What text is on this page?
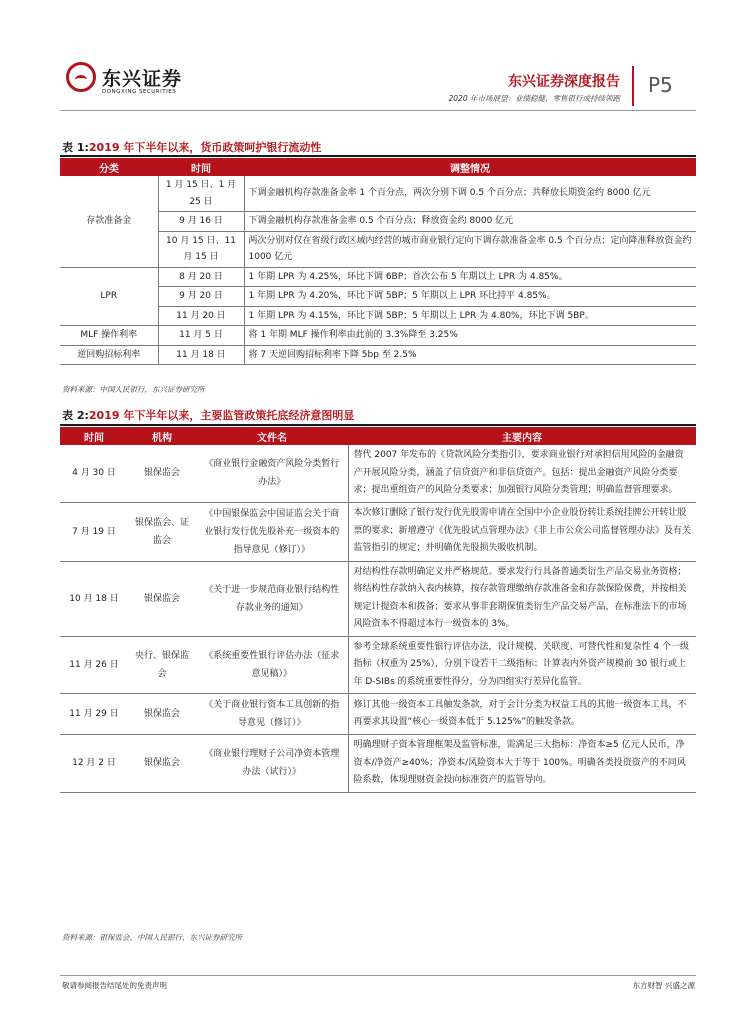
东兴证券
DONGXING SECURITIES
东兴证券深度报告
2020 年市场展望：业绩稳健，零售银行成持续领跑
P5
表 1:2019 年下半年以来，货币政策呵护银行流动性
分类	时间	调整情况
存款准备金	1 月 15 日、1 月 25 日	下调金融机构存款准备金率 1 个百分点，两次分别下调 0.5 个百分点；共释放长期资金约 8000 亿元
	9 月 16 日	下调金融机构存款准备金率 0.5 个百分点；释放资金约 8000 亿元
	10 月 15 日、11 月 15 日	两次分别对仅在省级行政区域内经营的城市商业银行定向下调存款准备金率 0.5 个百分点；定向降准释放资金约 1000 亿元
LPR	8 月 20 日	1 年期 LPR 为 4.25%，环比下调 6BP；首次公布 5 年期以上 LPR 为 4.85%。
	9 月 20 日	1 年期 LPR 为 4.20%，环比下调 5BP；5 年期以上 LPR 环比持平 4.85%。
	11 月 20 日	1 年期 LPR 为 4.15%，环比下调 5BP；5 年期以上 LPR 为 4.80%，环比下调 5BP。
MLF 操作利率	11 月 5 日	将 1 年期 MLF 操作利率由此前的 3.3%降至 3.25%
逆回购招标利率	11 月 18 日	将 7 天逆回购招标利率下降 5bp 至 2.5%
资料来源：中国人民银行，东兴证券研究所
表 2:2019 年下半年以来，主要监管政策托底经济意图明显
时间	机构	文件名	主要内容
4 月 30 日	银保监会	《商业银行金融资产风险分类暂行办法》	替代 2007 年发布的《贷款风险分类指引》，要求商业银行对承担信用风险的金融资产开展风险分类，涵盖了信贷资产和非信贷资产。包括：提出金融资产风险分类要求；提出重组资产的风险分类要求；加强银行风险分类管理；明确监督管理要求。
7 月 19 日	银保监会、证监会	《中国银保监会中国证监会关于商业银行发行优先股补充一级资本的指导意见（修订）》	本次修订删除了银行发行优先股需申请在全国中小企业股份转让系统挂牌公开转让股票的要求；新增遵守《优先股试点管理办法》《非上市公众公司监督管理办法》及有关监管指引的规定；并明确优先股损失吸收机制。
10 月 18 日	银保监会	《关于进一步规范商业银行结构性存款业务的通知》	对结构性存款明确定义并严格规范。要求发行行具备普通类衍生产品交易业务资格；将结构性存款纳入表内核算，按存款管理缴纳存款准备金和存款保险保费，并按相关规定计提资本和拨备；要求从事非套期保值类衍生产品交易产品，在标准法下的市场风险资本不得超过本行一级资本的 3%。
11 月 26 日	央行、银保监会	《系统重要性银行评估办法（征求意见稿）》	参考全球系统重要性银行评估办法，设计规模、关联度、可替代性和复杂性 4 个一级指标（权重为 25%），分别下设若干二级指标；计算表内外资产规模前 30 银行或上年 D-SIBs 的系统重要性得分，分为四组实行差异化监管。
11 月 29 日	银保监会	《关于商业银行资本工具创新的指导意见（修订）》	修订其他一级资本工具触发条款，对于会计分类为权益工具的其他一级资本工具，不再要求其设置“核心一级资本低于 5.125%”的触发条款。
12 月 2 日	银保监会	《商业银行理财子公司净资本管理办法（试行）》	明确理财子资本管理框架及监管标准，需满足三大指标：净资本≥5 亿元人民币，净资本/净资产≥40%；净资本/风险资本大于等于 100%。明确各类投资资产的不同风险系数，体现理财资金投向标准资产的监管导向。
资料来源：银保监会、中国人民银行，东兴证券研究所
敬请参阅报告结尾处的免责声明	东方财智 兴盛之源
